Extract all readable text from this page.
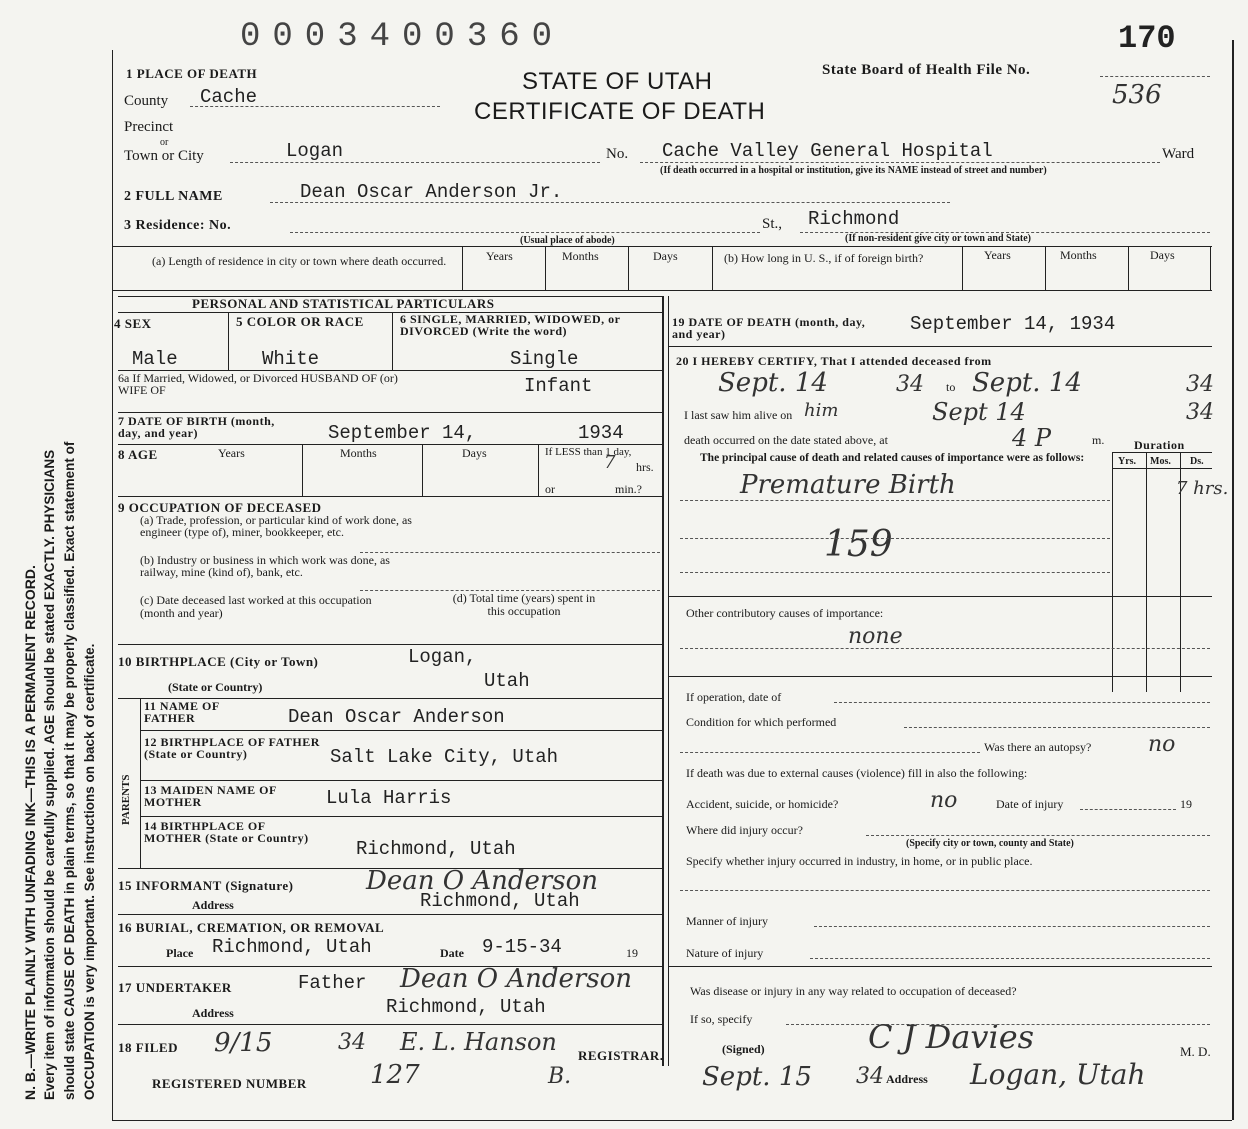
N. B.—WRITE PLAINLY WITH UNFADING INK—THIS IS A PERMANENT RECORD. Every item of information should be carefully supplied. AGE should be stated EXACTLY. PHYSICIANS should state CAUSE OF DEATH in plain terms, so that it may be properly classified. Exact statement of OCCUPATION is very important. See instructions on back of certificate.
0003400360	170
STATE OF UTAH
CERTIFICATE OF DEATH
State Board of Health File No.
536
1 PLACE OF DEATH
County Cache
Precinct
or
Town or City	Logan	No. Cache Valley General Hospital	Ward
(If death occurred in a hospital or institution, give its NAME instead of street and number)
2 FULL NAME	Dean Oscar Anderson Jr.
3 Residence: No.	St., Richmond
(Usual place of abode)	(If non-resident give city or town and State)
(a) Length of residence in city or town where death occurred.	Years	Months	Days	(b) How long in U. S., if of foreign birth?	Years	Months	Days
PERSONAL AND STATISTICAL PARTICULARS
4 SEX	5 COLOR OR RACE	6 SINGLE, MARRIED, WIDOWED, or DIVORCED (Write the word)
Male	White	Single
6a If Married, Widowed, or Divorced HUSBAND OF (or) WIFE OF	Infant
7 DATE OF BIRTH (month, day, and year)	September 14,	1934
8 AGE	Years	Months	Days	If LESS than 1 day,
7 hrs.
or	min.?
9 OCCUPATION OF DECEASED
(a) Trade, profession, or particular kind of work done, as engineer (type of), miner, bookkeeper, etc.
(b) Industry or business in which work was done, as railway, mine (kind of), bank, etc.
(c) Date deceased last worked at this occupation (month and year)
(d) Total time (years) spent in this occupation
10 BIRTHPLACE (City or Town)	Logan,
(State or Country)	Utah
PARENTS
11 NAME OF FATHER	Dean Oscar Anderson
12 BIRTHPLACE OF FATHER (State or Country)	Salt Lake City, Utah
13 MAIDEN NAME OF MOTHER	Lula Harris
14 BIRTHPLACE OF MOTHER (State or Country)	Richmond, Utah
15 INFORMANT (Signature)	Dean O Anderson
Address	Richmond, Utah
16 BURIAL, CREMATION, OR REMOVAL
Place Richmond, Utah	Date 9-15-34	19
17 UNDERTAKER	Father Dean O Anderson
Address	Richmond, Utah
18 FILED 9/15	34 E. L. Hanson REGISTRAR.
REGISTERED NUMBER 127	B.
19 DATE OF DEATH (month, day, and year)	September 14, 1934
20 I HEREBY CERTIFY, That I attended deceased from
Sept. 14	34 to Sept. 14	34
I last saw him alive on him	Sept 14	34
death occurred on the date stated above, at	4 P	m. Duration
Yrs. Mos. Ds.
The principal cause of death and related causes of importance were as follows:
Premature Birth	7 hrs.
159
Other contributory causes of importance:
none
If operation, date of
Condition for which performed
Was there an autopsy?	no
If death was due to external causes (violence) fill in also the following:
Accident, suicide, or homicide?	no	Date of injury	19
Where did injury occur?
(Specify city or town, county and State)
Specify whether injury occurred in industry, in home, or in public place.
Manner of injury
Nature of injury
Was disease or injury in any way related to occupation of deceased?
If so, specify
(Signed)	C J Davies	M. D.
Sept. 15 34 Address Logan, Utah
